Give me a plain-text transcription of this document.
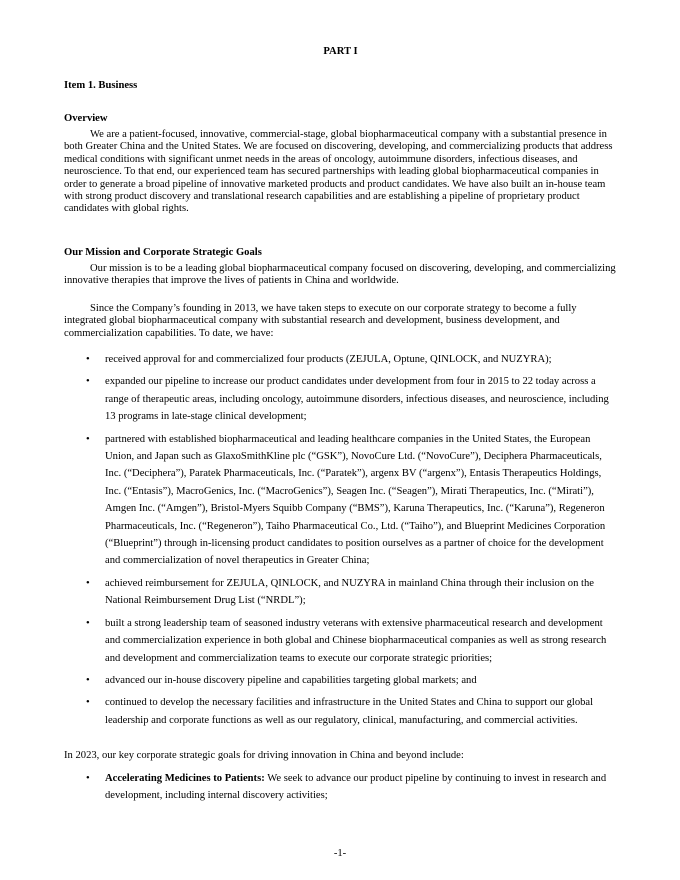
PART I
Item 1. Business
Overview
We are a patient-focused, innovative, commercial-stage, global biopharmaceutical company with a substantial presence in both Greater China and the United States. We are focused on discovering, developing, and commercializing products that address medical conditions with significant unmet needs in the areas of oncology, autoimmune disorders, infectious diseases, and neuroscience. To that end, our experienced team has secured partnerships with leading global biopharmaceutical companies in order to generate a broad pipeline of innovative marketed products and product candidates. We have also built an in-house team with strong product discovery and translational research capabilities and are establishing a pipeline of proprietary product candidates with global rights.
Our Mission and Corporate Strategic Goals
Our mission is to be a leading global biopharmaceutical company focused on discovering, developing, and commercializing innovative therapies that improve the lives of patients in China and worldwide.
Since the Company’s founding in 2013, we have taken steps to execute on our corporate strategy to become a fully integrated global biopharmaceutical company with substantial research and development, business development, and commercialization capabilities. To date, we have:
• received approval for and commercialized four products (ZEJULA, Optune, QINLOCK, and NUZYRA);
• expanded our pipeline to increase our product candidates under development from four in 2015 to 22 today across a range of therapeutic areas, including oncology, autoimmune disorders, infectious diseases, and neuroscience, including 13 programs in late-stage clinical development;
• partnered with established biopharmaceutical and leading healthcare companies in the United States, the European Union, and Japan such as GlaxoSmithKline plc (“GSK”), NovoCure Ltd. (“NovoCure”), Deciphera Pharmaceuticals, Inc. (“Deciphera”), Paratek Pharmaceuticals, Inc. (“Paratek”), argenx BV (“argenx”), Entasis Therapeutics Holdings, Inc. (“Entasis”), MacroGenics, Inc. (“MacroGenics”), Seagen Inc. (“Seagen”), Mirati Therapeutics, Inc. (“Mirati”), Amgen Inc. (“Amgen”), Bristol-Myers Squibb Company (“BMS”), Karuna Therapeutics, Inc. (“Karuna”), Regeneron Pharmaceuticals, Inc. (“Regeneron”), Taiho Pharmaceutical Co., Ltd. (“Taiho”), and Blueprint Medicines Corporation (“Blueprint”) through in-licensing product candidates to position ourselves as a partner of choice for the development and commercialization of novel therapeutics in Greater China;
• achieved reimbursement for ZEJULA, QINLOCK, and NUZYRA in mainland China through their inclusion on the National Reimbursement Drug List (“NRDL”);
• built a strong leadership team of seasoned industry veterans with extensive pharmaceutical research and development and commercialization experience in both global and Chinese biopharmaceutical companies as well as strong research and development and commercialization teams to execute our corporate strategic priorities;
• advanced our in-house discovery pipeline and capabilities targeting global markets; and
• continued to develop the necessary facilities and infrastructure in the United States and China to support our global leadership and corporate functions as well as our regulatory, clinical, manufacturing, and commercial activities.
In 2023, our key corporate strategic goals for driving innovation in China and beyond include:
• Accelerating Medicines to Patients: We seek to advance our product pipeline by continuing to invest in research and development, including internal discovery activities;
-1-
